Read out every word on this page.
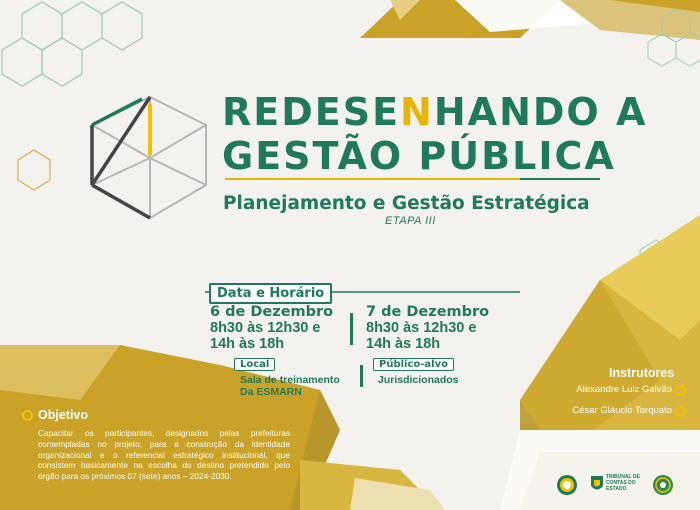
REDESENHANDO A
GESTÃO PÚBLICA
Planejamento e Gestão Estratégica
ETAPA III
Data e Horário
6 de Dezembro
8h30 às 12h30 e
14h às 18h
7 de Dezembro
8h30 às 12h30 e
14h às 18h
Local
Sala de treinamento
Da ESMARN
Público-alvo
Jurisdicionados	Instrutores
Alexandre Luiz Galvão
César Gláucio Torquato
Objetivo
Capacitar os participantes, designados pelas prefeituras contempladas no projeto, para a construção da identidade organizacional e o referencial estratégico institucional, que consistem basicamente na escolha do destino pretendido pelo órgão para os próximos 07 (sete) anos – 2024-2030.	TRIBUNAL DE CONTAS DO ESTADO
